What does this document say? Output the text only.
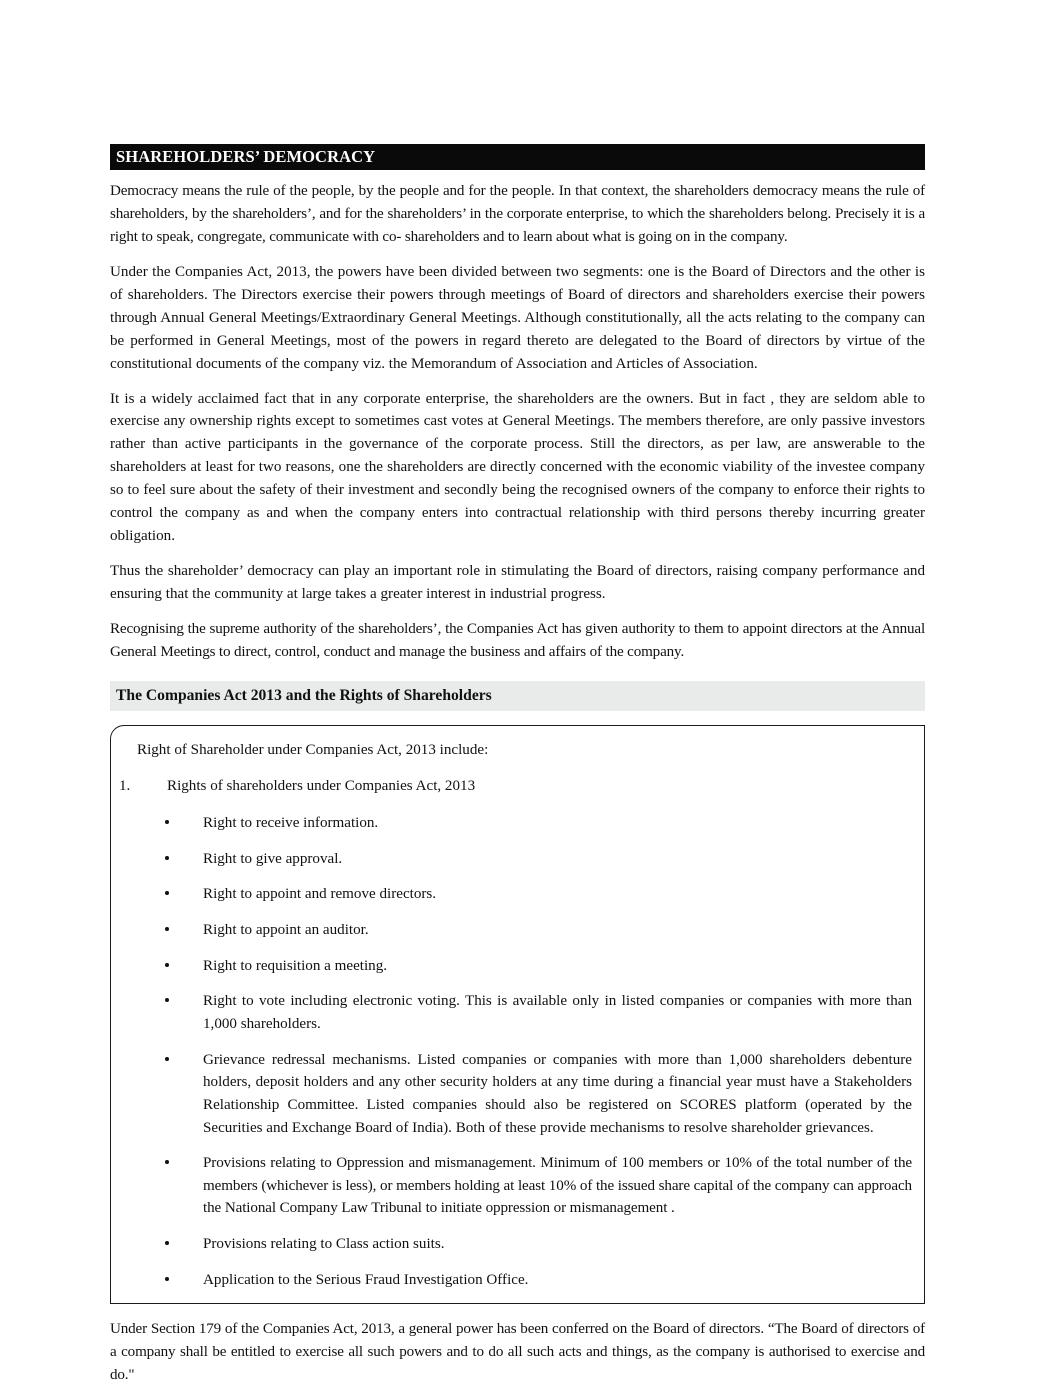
SHAREHOLDERS’ DEMOCRACY

Democracy means the rule of the people, by the people and for the people. In that context, the shareholders democracy means the rule of shareholders, by the shareholders’, and for the shareholders’ in the corporate enterprise, to which the shareholders belong. Precisely it is a right to speak, congregate, communicate with co- shareholders and to learn about what is going on in the company.

Under the Companies Act, 2013, the powers have been divided between two segments: one is the Board of Directors and the other is of shareholders. The Directors exercise their powers through meetings of Board of directors and shareholders exercise their powers through Annual General Meetings/Extraordinary General Meetings. Although constitutionally, all the acts relating to the company can be performed in General Meetings, most of the powers in regard thereto are delegated to the Board of directors by virtue of the constitutional documents of the company viz. the Memorandum of Association and Articles of Association.

It is a widely acclaimed fact that in any corporate enterprise, the shareholders are the owners. But in fact , they are seldom able to exercise any ownership rights except to sometimes cast votes at General Meetings. The members therefore, are only passive investors rather than active participants in the governance of the corporate process. Still the directors, as per law, are answerable to the shareholders at least for two reasons, one the shareholders are directly concerned with the economic viability of the investee company so to feel sure about the safety of their investment and secondly being the recognised owners of the company to enforce their rights to control the company as and when the company enters into contractual relationship with third persons thereby incurring greater obligation.

Thus the shareholder’ democracy can play an important role in stimulating the Board of directors, raising company performance and ensuring that the community at large takes a greater interest in industrial progress.

Recognising the supreme authority of the shareholders’, the Companies Act has given authority to them to appoint directors at the Annual General Meetings to direct, control, conduct and manage the business and affairs of the company.

The Companies Act 2013 and the Rights of Shareholders
Right of Shareholder under Companies Act, 2013 include:
1.	Rights of shareholders under Companies Act, 2013
Right to receive information.
Right to give approval.
Right to appoint and remove directors.
Right to appoint an auditor.
Right to requisition a meeting.
Right to vote including electronic voting. This is available only in listed companies or companies with more than 1,000 shareholders.
Grievance redressal mechanisms. Listed companies or companies with more than 1,000 shareholders debenture holders, deposit holders and any other security holders at any time during a financial year must have a Stakeholders Relationship Committee. Listed companies should also be registered on SCORES platform (operated by the Securities and Exchange Board of India). Both of these provide mechanisms to resolve shareholder grievances.
Provisions relating to Oppression and mismanagement. Minimum of 100 members or 10% of the total number of the members (whichever is less), or members holding at least 10% of the issued share capital of the company can approach the National Company Law Tribunal to initiate oppression or mismanagement .
Provisions relating to Class action suits.
Application to the Serious Fraud Investigation Office.

Under Section 179 of the Companies Act, 2013, a general power has been conferred on the Board of directors. “The Board of directors of a company shall be entitled to exercise all such powers and to do all such acts and things, as the company is authorised to exercise and do."
